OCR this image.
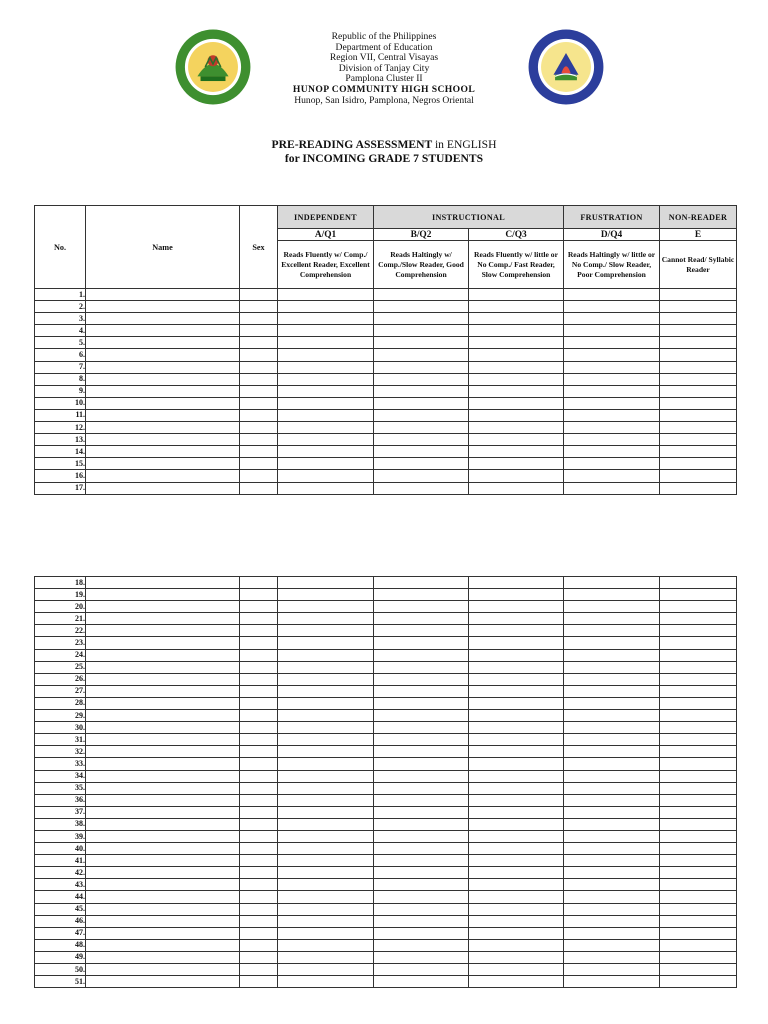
Republic of the Philippines
Department of Education
Region VII, Central Visayas
Division of Tanjay City
Pamplona Cluster II
HUNOP COMMUNITY HIGH SCHOOL
Hunop, San Isidro, Pamplona, Negros Oriental
PRE-READING ASSESSMENT in ENGLISH
for INCOMING GRADE 7 STUDENTS
No.	Name	Sex	INDEPENDENT	INSTRUCTIONAL		FRUSTRATION	NON-READER
			A/Q1	B/Q2	C/Q3	D/Q4	E
			Reads Fluently w/ Comp./ Excellent Reader, Excellent Comprehension	Reads Haltingly w/ Comp./Slow Reader, Good Comprehension	Reads Fluently w/ little or No Comp./ Fast Reader, Slow Comprehension	Reads Haltingly w/ little or No Comp./ Slow Reader, Poor Comprehension	Cannot Read/ Syllabic Reader
1.							
2.							
3.							
4.							
5.							
6.							
7.							
8.							
9.							
10.							
11.							
12.							
13.							
14.							
15.							
16.							
17.							
18.							
19.							
20.							
21.							
22.							
23.							
24.							
25.							
26.							
27.							
28.							
29.							
30.							
31.							
32.							
33.							
34.							
35.							
36.							
37.							
38.							
39.							
40.							
41.							
42.							
43.							
44.							
45.							
46.							
47.							
48.							
49.							
50.							
51.							
